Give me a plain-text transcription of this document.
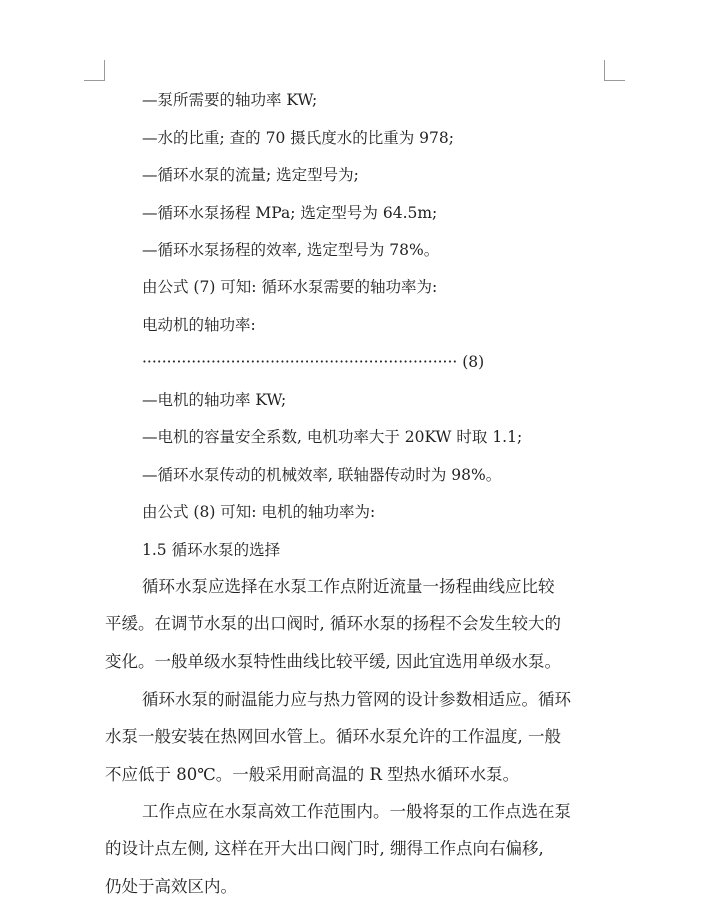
—泵所需要的轴功率 KW;
—水的比重; 查的 70 摄氏度水的比重为 978;
—循环水泵的流量; 选定型号为;
—循环水泵扬程 MPa; 选定型号为 64.5m;
—循环水泵扬程的效率, 选定型号为 78%。
由公式 (7) 可知: 循环水泵需要的轴功率为:
电动机的轴功率:
································································ (8)
—电机的轴功率 KW;
—电机的容量安全系数, 电机功率大于 20KW 时取 1.1;
—循环水泵传动的机械效率, 联轴器传动时为 98%。
由公式 (8) 可知: 电机的轴功率为:
1.5 循环水泵的选择
循环水泵应选择在水泵工作点附近流量一扬程曲线应比较
平缓。在调节水泵的出口阀时, 循环水泵的扬程不会发生较大的
变化。一般单级水泵特性曲线比较平缓, 因此宜选用单级水泵。
循环水泵的耐温能力应与热力管网的设计参数相适应。循环
水泵一般安装在热网回水管上。循环水泵允许的工作温度, 一般
不应低于 80℃。一般采用耐高温的 R 型热水循环水泵。
工作点应在水泵高效工作范围内。一般将泵的工作点选在泵
的设计点左侧, 这样在开大出口阀门时, 绷得工作点向右偏移,
仍处于高效区内。
